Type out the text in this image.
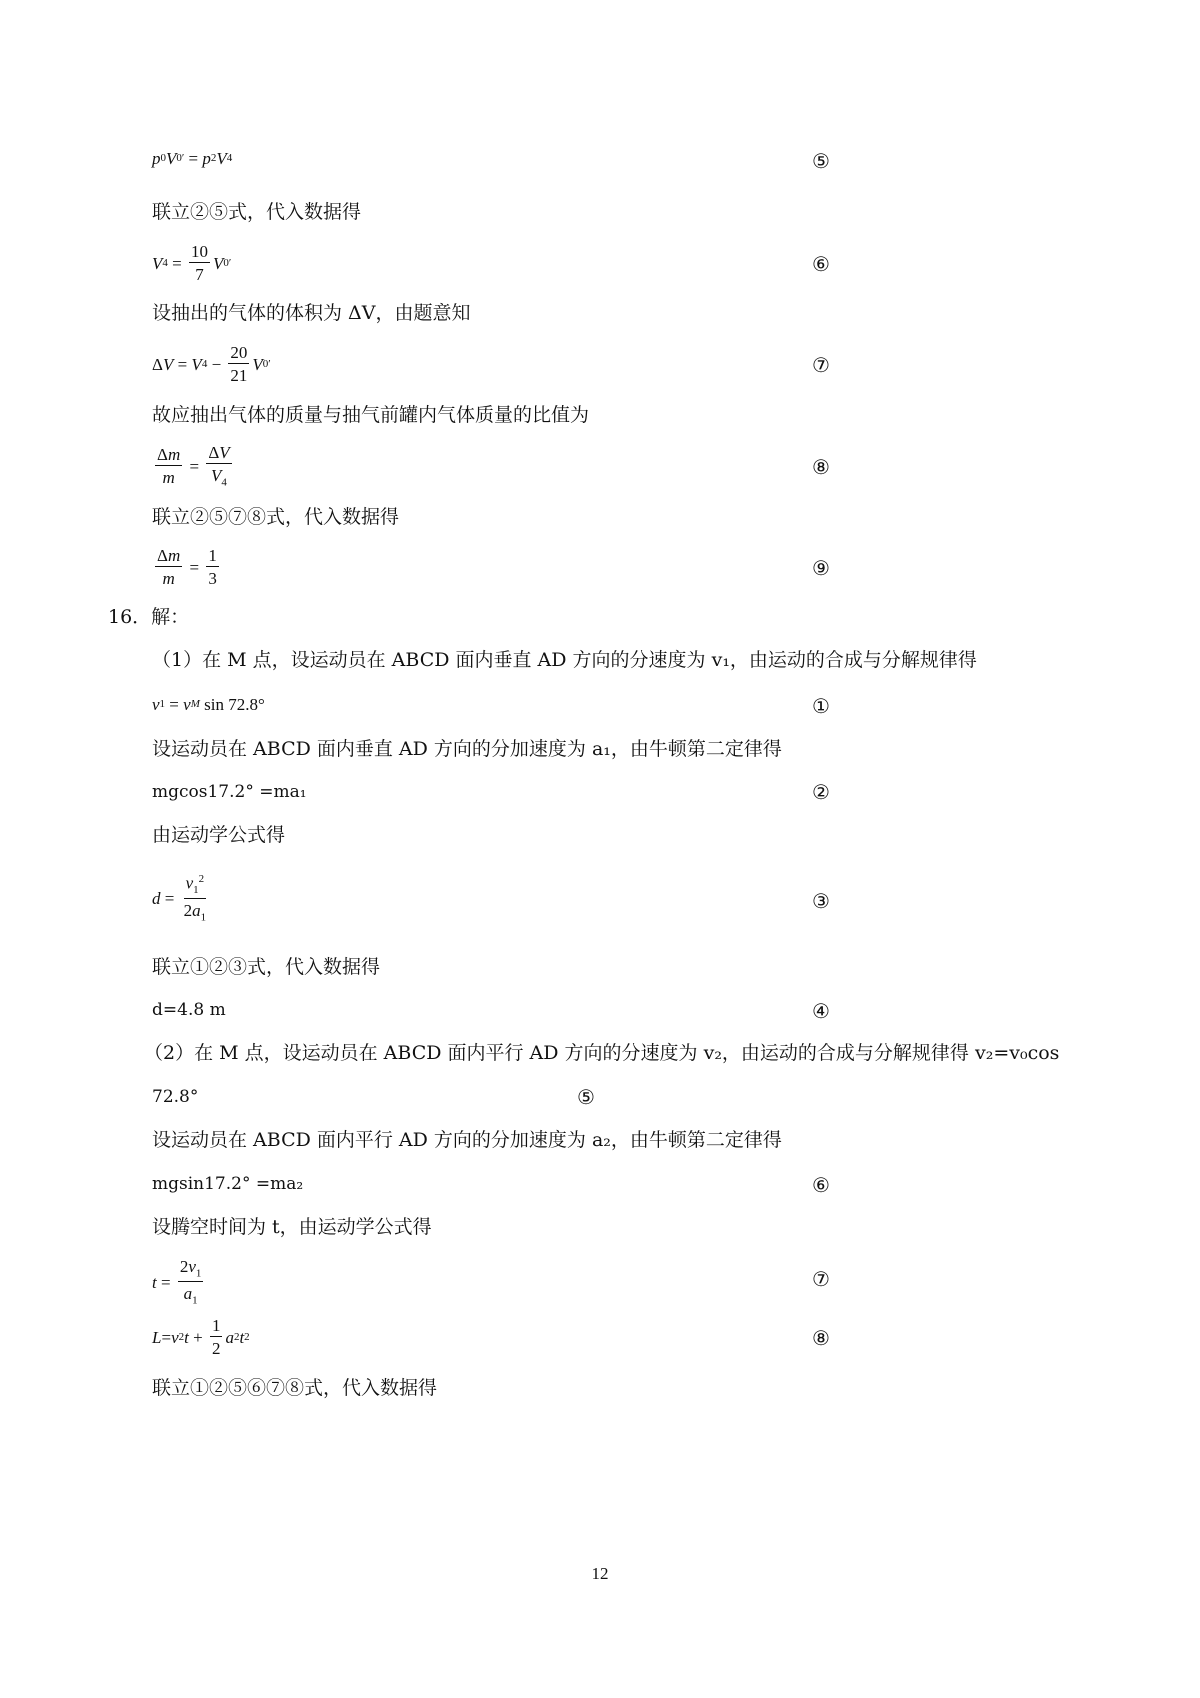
p 0 V 0 ′ = p 2 V 4	⑤
联立②⑤式，代入数据得
V $4 = \frac{10}{7}$ V 0 ′	⑥
设抽出的气体的体积为 ΔV，由题意知
Δ V = V $4 - \frac{20}{21}$ V 0 ′	⑦
故应抽出气体的质量与抽气前罐内气体质量的比值为
$\frac{\Delta m}{m} = \frac{\Delta V}{V_4}$	⑧
联立②⑤⑦⑧式，代入数据得
$\frac{\Delta m}{m} = \frac{1}{3}$	⑨
16．解：
（1）在 M 点，设运动员在 ABCD 面内垂直 AD 方向的分速度为 v₁，由运动的合成与分解规律得
v 1 = v M sin 72.8°	①
设运动员在 ABCD 面内垂直 AD 方向的分加速度为 a₁，由牛顿第二定律得
mgcos17.2° =ma₁	②
由运动学公式得
$d = \frac{v_1^2}{2a_1}$	③
联立①②③式，代入数据得
d=4.8 m	④
（2）在 M 点，设运动员在 ABCD 面内平行 AD 方向的分速度为 v₂，由运动的合成与分解规律得 v₂=v₀cos
72.8°	⑤
设运动员在 ABCD 面内平行 AD 方向的分加速度为 a₂，由牛顿第二定律得
mgsin17.2° =ma₂	⑥
设腾空时间为 t，由运动学公式得
$t = \frac{2v_1}{a_1}$	⑦
L = v 2 $t + \frac{1}{2}$ a 2 t 2	⑧
联立①②⑤⑥⑦⑧式，代入数据得
12
